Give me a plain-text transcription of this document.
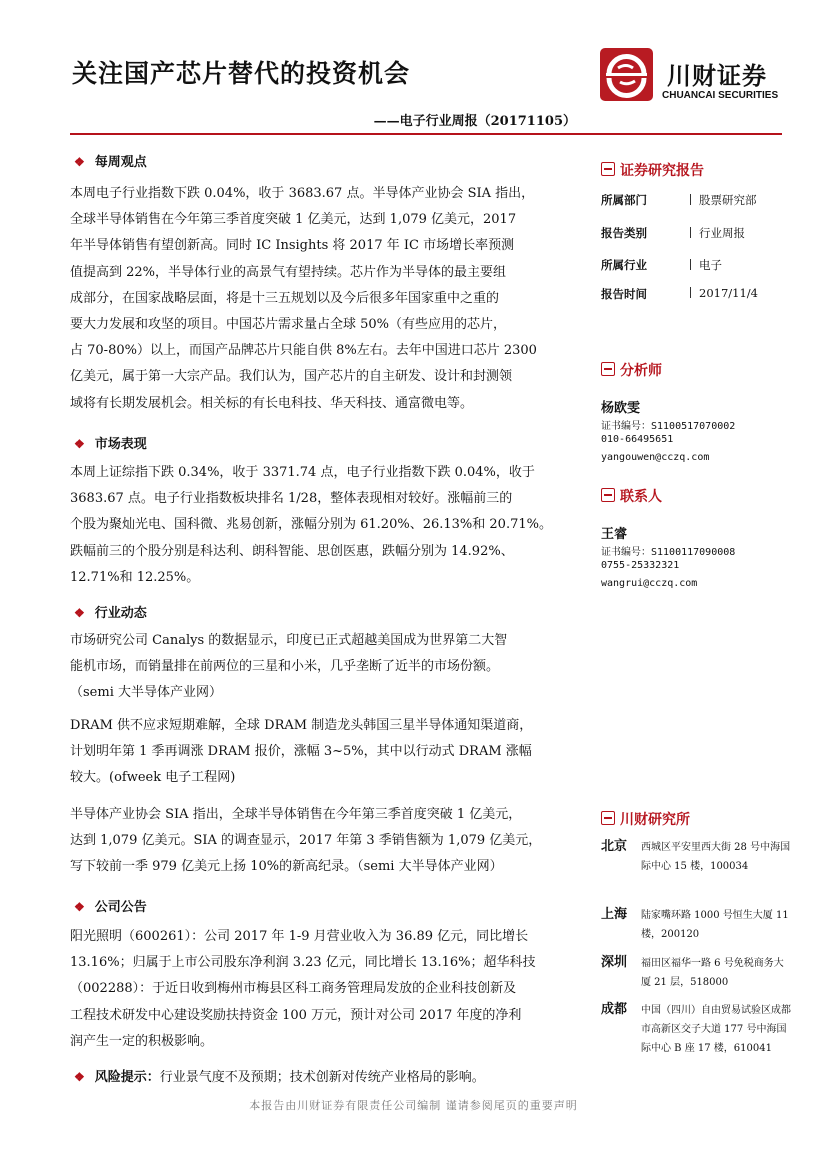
关注国产芯片替代的投资机会
——电子行业周报（20171105）
川财证券
CHUANCAI SECURITIES
❖ 每周观点
本周电子行业指数下跌 0.04%，收于 3683.67 点。半导体产业协会 SIA 指出，
全球半导体销售在今年第三季首度突破 1 亿美元，达到 1,079 亿美元，2017
年半导体销售有望创新高。同时 IC Insights 将 2017 年 IC 市场增长率预测
值提高到 22%，半导体行业的高景气有望持续。芯片作为半导体的最主要组
成部分，在国家战略层面，将是十三五规划以及今后很多年国家重中之重的
要大力发展和攻坚的项目。中国芯片需求量占全球 50%（有些应用的芯片，
占 70-80%）以上，而国产品牌芯片只能自供 8%左右。去年中国进口芯片 2300
亿美元，属于第一大宗产品。我们认为，国产芯片的自主研发、设计和封测领
域将有长期发展机会。相关标的有长电科技、华天科技、通富微电等。
❖ 市场表现
本周上证综指下跌 0.34%，收于 3371.74 点，电子行业指数下跌 0.04%，收于
3683.67 点。电子行业指数板块排名 1/28，整体表现相对较好。涨幅前三的
个股为聚灿光电、国科微、兆易创新，涨幅分别为 61.20%、26.13%和 20.71%。
跌幅前三的个股分别是科达利、朗科智能、思创医惠，跌幅分别为 14.92%、
12.71%和 12.25%。
❖ 行业动态
市场研究公司 Canalys 的数据显示，印度已正式超越美国成为世界第二大智
能机市场，而销量排在前两位的三星和小米，几乎垄断了近半的市场份额。
（semi 大半导体产业网）
DRAM 供不应求短期难解，全球 DRAM 制造龙头韩国三星半导体通知渠道商，
计划明年第 1 季再调涨 DRAM 报价，涨幅 3~5%，其中以行动式 DRAM 涨幅
较大。(ofweek 电子工程网)
半导体产业协会 SIA 指出，全球半导体销售在今年第三季首度突破 1 亿美元，
达到 1,079 亿美元。SIA 的调查显示，2017 年第 3 季销售额为 1,079 亿美元，
写下较前一季 979 亿美元上扬 10%的新高纪录。（semi 大半导体产业网）
❖ 公司公告
阳光照明（600261）：公司 2017 年 1-9 月营业收入为 36.89 亿元，同比增长
13.16%；归属于上市公司股东净利润 3.23 亿元，同比增长 13.16%；超华科技
（002288）：于近日收到梅州市梅县区科工商务管理局发放的企业科技创新及
工程技术研发中心建设奖励扶持资金 100 万元，预计对公司 2017 年度的净利
润产生一定的积极影响。
❖ 风险提示：行业景气度不及预期；技术创新对传统产业格局的影响。
证券研究报告
所属部门	股票研究部
报告类别	行业周报
所属行业	电子
报告时间	2017/11/4
分析师
杨欧雯
证书编号：S1100517070002
010-66495651
yangouwen@cczq.com
联系人
王睿
证书编号：S1100117090008
0755-25332321
wangrui@cczq.com
川财研究所
北京 西城区平安里西大街 28 号中海国际中心 15 楼，100034
上海 陆家嘴环路 1000 号恒生大厦 11 楼，200120
深圳 福田区福华一路 6 号免税商务大厦 21 层，518000
成都 中国（四川）自由贸易试验区成都市高新区交子大道 177 号中海国际中心 B 座 17 楼，610041
本报告由川财证券有限责任公司编制 谨请参阅尾页的重要声明
